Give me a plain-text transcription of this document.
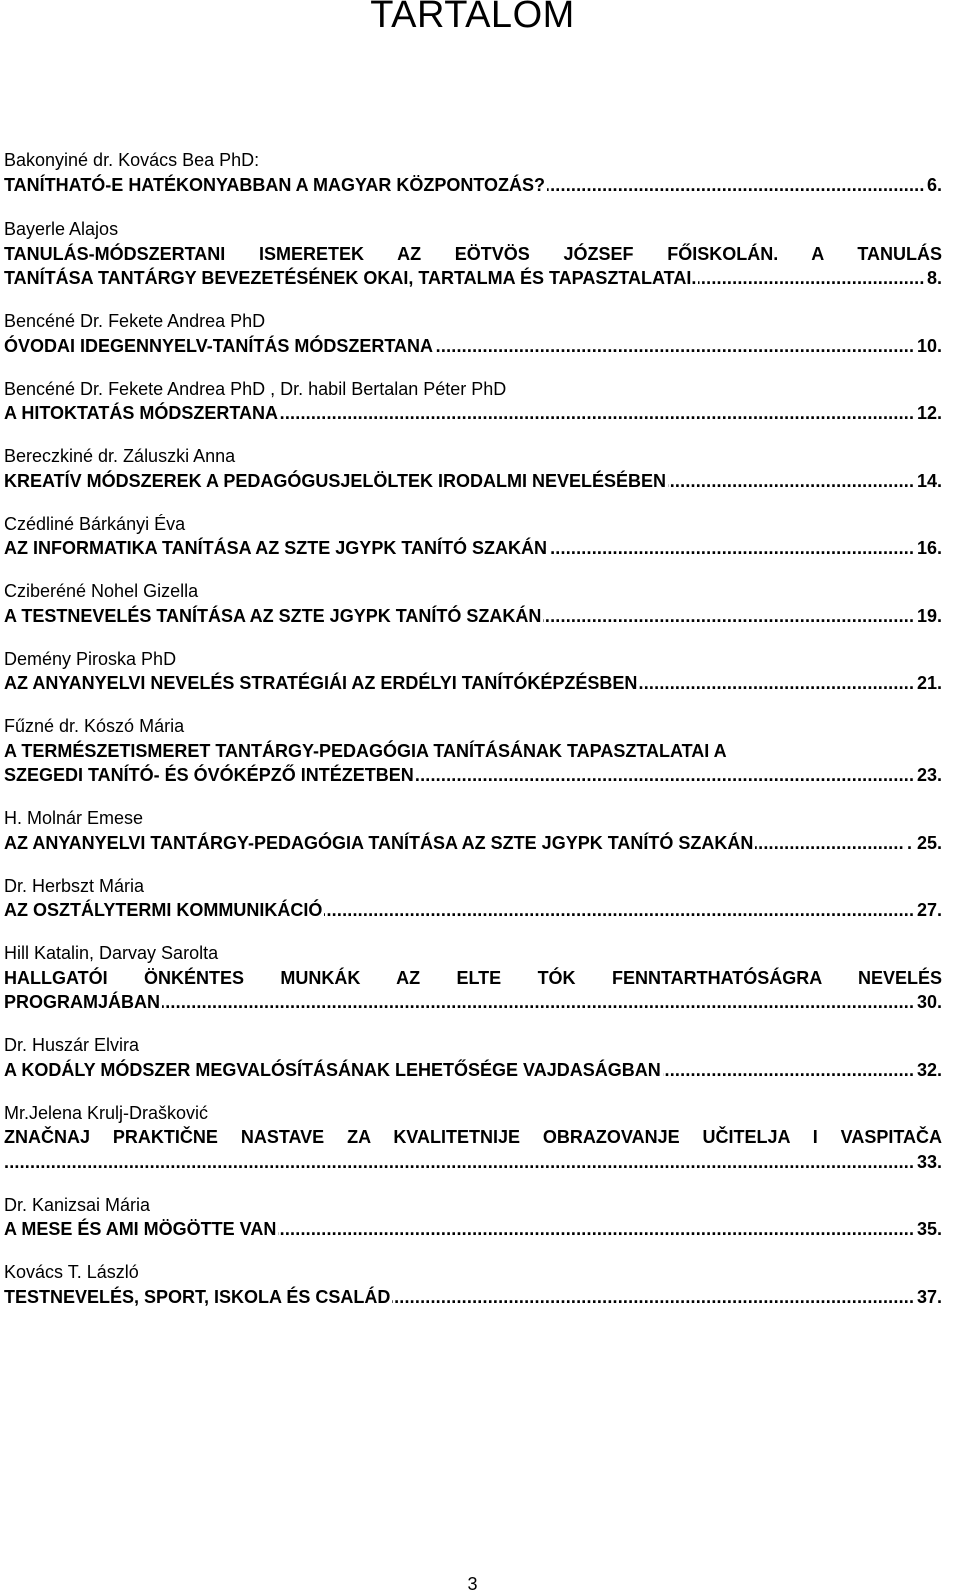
TARTALOM
Bakonyiné dr. Kovács Bea PhD:
..... TANÍTHATÓ-E HATÉKONYABBAN A MAGYAR KÖZPONTOZÁS?	6.
Bayerle Alajos
TANULÁS-MÓDSZERTANI ISMERETEK AZ EÖTVÖS JÓZSEF FŐISKOLÁN. A TANULÁS
..... TANÍTÁSA TANTÁRGY BEVEZETÉSÉNEK OKAI, TARTALMA ÉS TAPASZTALATAI.	8.
Bencéné Dr. Fekete Andrea PhD
..... ÓVODAI IDEGENNYELV-TANÍTÁS MÓDSZERTANA	10.
Bencéné Dr. Fekete Andrea PhD , Dr. habil Bertalan Péter PhD
..... A HITOKTATÁS MÓDSZERTANA	12.
Bereczkiné dr. Záluszki Anna
..... KREATÍV MÓDSZEREK A PEDAGÓGUSJELÖLTEK IRODALMI NEVELÉSÉBEN	14.
Czédliné Bárkányi Éva
..... AZ INFORMATIKA TANÍTÁSA AZ SZTE JGYPK TANÍTÓ SZAKÁN	16.
Cziberéné Nohel Gizella
..... A TESTNEVELÉS TANÍTÁSA AZ SZTE JGYPK TANÍTÓ SZAKÁN	19.
Demény Piroska PhD
..... AZ ANYANYELVI NEVELÉS STRATÉGIÁI AZ ERDÉLYI TANÍTÓKÉPZÉSBEN	21.
Fűzné dr. Kószó Mária
A TERMÉSZETISMERET TANTÁRGY-PEDAGÓGIA TANÍTÁSÁNAK TAPASZTALATAI A
..... SZEGEDI TANÍTÓ- ÉS ÓVÓKÉPZŐ INTÉZETBEN	23.
H. Molnár Emese
..... AZ ANYANYELVI TANTÁRGY-PEDAGÓGIA TANÍTÁSA AZ SZTE JGYPK TANÍTÓ SZAKÁN	. 25.
Dr. Herbszt Mária
..... AZ OSZTÁLYTERMI KOMMUNIKÁCIÓ	27.
Hill Katalin, Darvay Sarolta
HALLGATÓI ÖNKÉNTES MUNKÁK AZ ELTE TÓK FENNTARTHATÓSÁGRA NEVELÉS
..... PROGRAMJÁBAN	30.
Dr. Huszár Elvira
..... A KODÁLY MÓDSZER MEGVALÓSÍTÁSÁNAK LEHETŐSÉGE VAJDASÁGBAN	32.
Mr.Jelena Krulj-Drašković
ZNAČNAJ PRAKTIČNE NASTAVE ZA KVALITETNIJE OBRAZOVANJE UČITELJA I VASPITAČA
..... 33.
Dr. Kanizsai Mária
..... A MESE ÉS AMI MÖGÖTTE VAN	35.
Kovács T. László
..... TESTNEVELÉS, SPORT, ISKOLA ÉS CSALÁD	37.
3
